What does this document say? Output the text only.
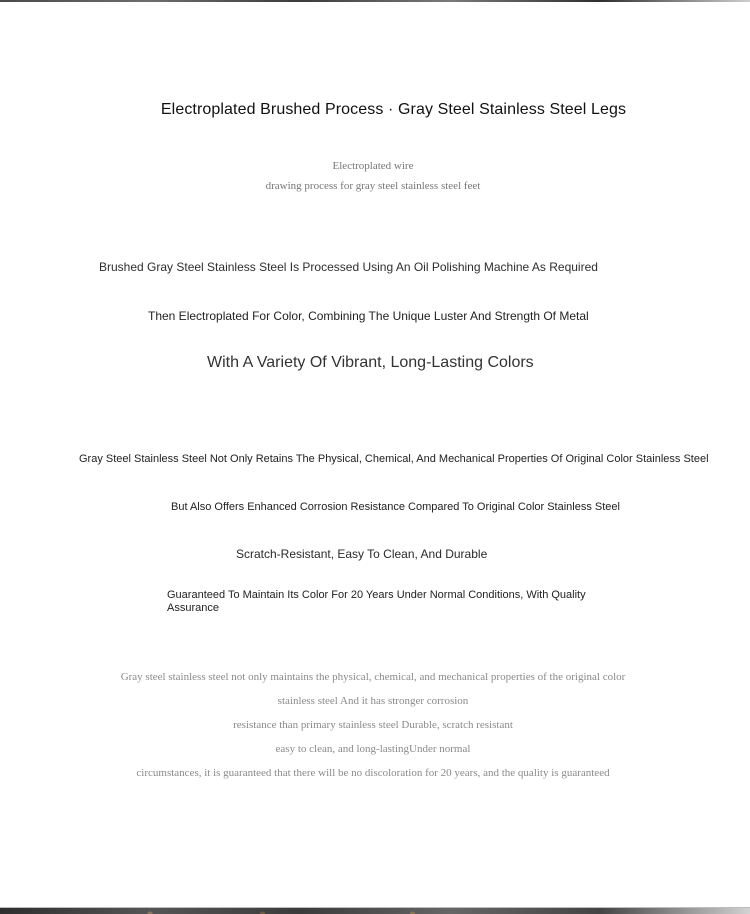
Electroplated Brushed Process · Gray Steel Stainless Steel Legs
Electroplated wire
drawing process for gray steel stainless steel feet
Brushed Gray Steel Stainless Steel Is Processed Using An Oil Polishing Machine As Required
Then Electroplated For Color, Combining The Unique Luster And Strength Of Metal
With A Variety Of Vibrant, Long-Lasting Colors
Gray Steel Stainless Steel Not Only Retains The Physical, Chemical, And Mechanical Properties Of Original Color Stainless Steel
But Also Offers Enhanced Corrosion Resistance Compared To Original Color Stainless Steel
Scratch-Resistant, Easy To Clean, And Durable
Guaranteed To Maintain Its Color For 20 Years Under Normal Conditions, With Quality Assurance
Gray steel stainless steel not only maintains the physical, chemical, and mechanical properties of the original color
stainless steel And it has stronger corrosion
resistance than primary stainless steel Durable, scratch resistant
easy to clean, and long-lastingUnder normal
circumstances, it is guaranteed that there will be no discoloration for 20 years, and the quality is guaranteed
